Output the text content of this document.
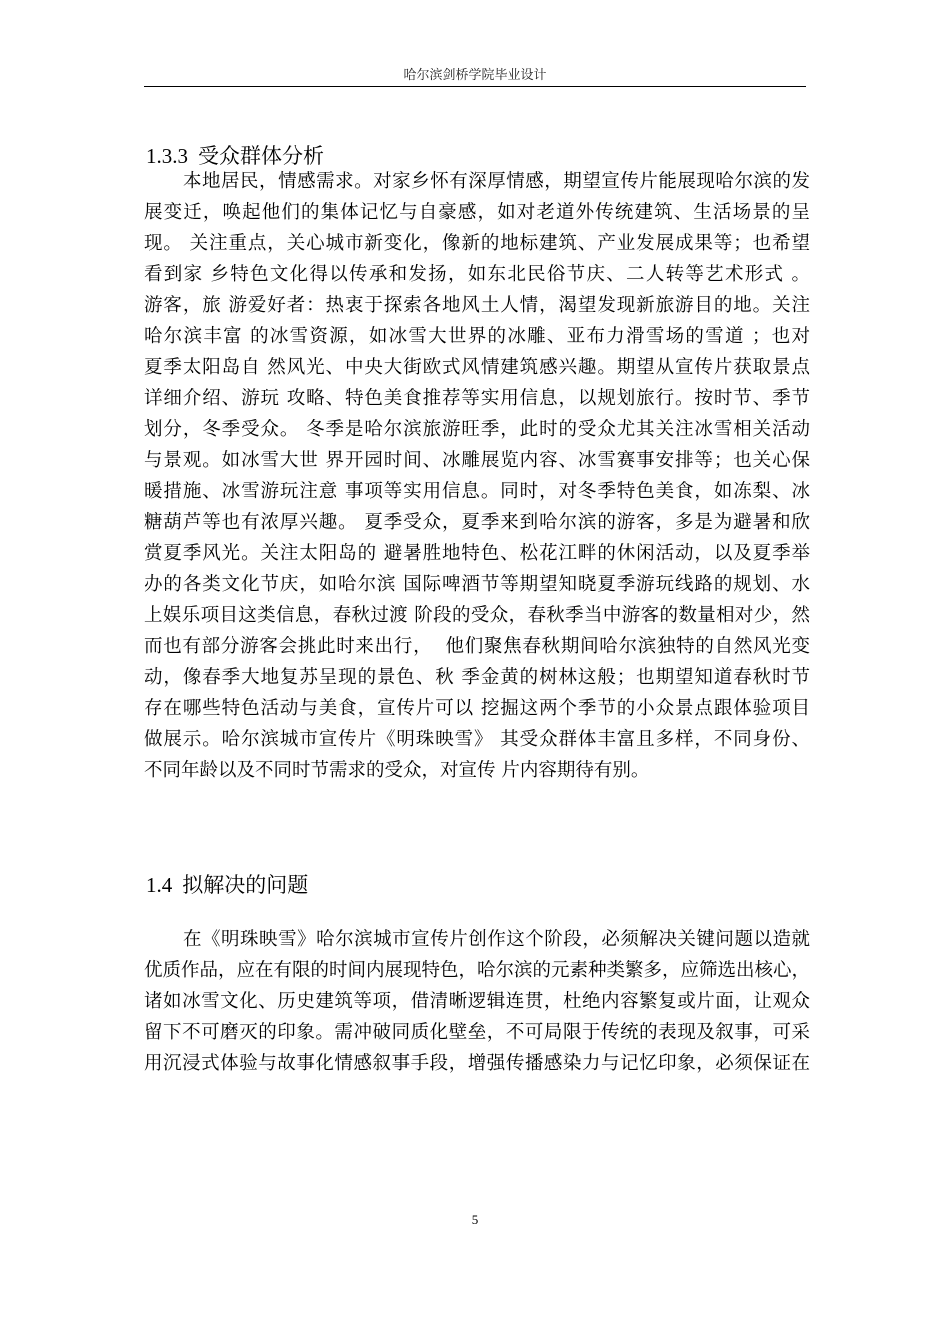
哈尔滨剑桥学院毕业设计
1.3.3 受众群体分析
本地居民，情感需求。对家乡怀有深厚情感，期望宣传片能展现哈尔滨的发
展变迁，唤起他们的集体记忆与自豪感，如对老道外传统建筑、生活场景的呈
现。 关注重点，关心城市新变化，像新的地标建筑、产业发展成果等；也希望
看到家 乡特色文化得以传承和发扬，如东北民俗节庆、二人转等艺术形式 。
游客，旅 游爱好者：热衷于探索各地风土人情，渴望发现新旅游目的地。关注
哈尔滨丰富 的冰雪资源，如冰雪大世界的冰雕、亚布力滑雪场的雪道 ；也对
夏季太阳岛自 然风光、中央大街欧式风情建筑感兴趣。期望从宣传片获取景点
详细介绍、游玩 攻略、特色美食推荐等实用信息，以规划旅行。按时节、季节
划分，冬季受众。 冬季是哈尔滨旅游旺季，此时的受众尤其关注冰雪相关活动
与景观。如冰雪大世 界开园时间、冰雕展览内容、冰雪赛事安排等；也关心保
暖措施、冰雪游玩注意 事项等实用信息。同时，对冬季特色美食，如冻梨、冰
糖葫芦等也有浓厚兴趣。 夏季受众，夏季来到哈尔滨的游客，多是为避暑和欣
赏夏季风光。关注太阳岛的 避暑胜地特色、松花江畔的休闲活动，以及夏季举
办的各类文化节庆，如哈尔滨 国际啤酒节等期望知晓夏季游玩线路的规划、水
上娱乐项目这类信息，春秋过渡 阶段的受众，春秋季当中游客的数量相对少，然
而也有部分游客会挑此时来出行，  他们聚焦春秋期间哈尔滨独特的自然风光变
动，像春季大地复苏呈现的景色、秋 季金黄的树林这般；也期望知道春秋时节
存在哪些特色活动与美食，宣传片可以 挖掘这两个季节的小众景点跟体验项目
做展示。哈尔滨城市宣传片《明珠映雪》 其受众群体丰富且多样，不同身份、
不同年龄以及不同时节需求的受众，对宣传 片内容期待有别。
1.4 拟解决的问题
在《明珠映雪》哈尔滨城市宣传片创作这个阶段，必须解决关键问题以造就
优质作品，应在有限的时间内展现特色，哈尔滨的元素种类繁多，应筛选出核心，
诸如冰雪文化、历史建筑等项，借清晰逻辑连贯，杜绝内容繁复或片面，让观众
留下不可磨灭的印象。需冲破同质化壁垒，不可局限于传统的表现及叙事，可采
用沉浸式体验与故事化情感叙事手段，增强传播感染力与记忆印象，必须保证在
5
